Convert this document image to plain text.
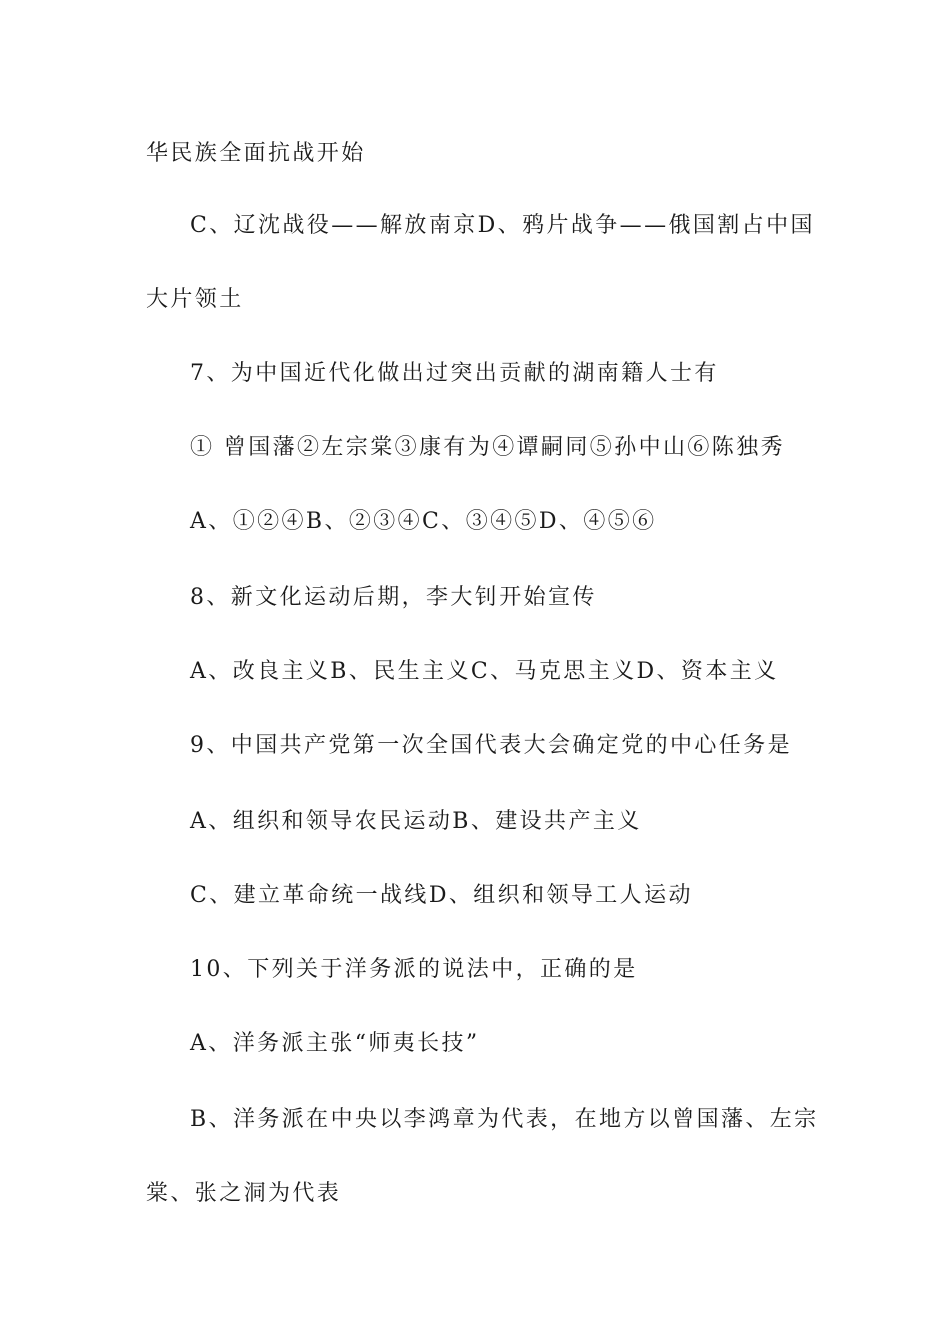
华民族全面抗战开始
C、辽沈战役——解放南京D、鸦片战争——俄国割占中国
大片领土
7、为中国近代化做出过突出贡献的湖南籍人士有
① 曾国藩②左宗棠③康有为④谭嗣同⑤孙中山⑥陈独秀
A、①②④B、②③④C、③④⑤D、④⑤⑥
8、新文化运动后期，李大钊开始宣传
A、改良主义B、民生主义C、马克思主义D、资本主义
9、中国共产党第一次全国代表大会确定党的中心任务是
A、组织和领导农民运动B、建设共产主义
C、建立革命统一战线D、组织和领导工人运动
10、下列关于洋务派的说法中，正确的是
A、洋务派主张“师夷长技”
B、洋务派在中央以李鸿章为代表，在地方以曾国藩、左宗
棠、张之洞为代表
